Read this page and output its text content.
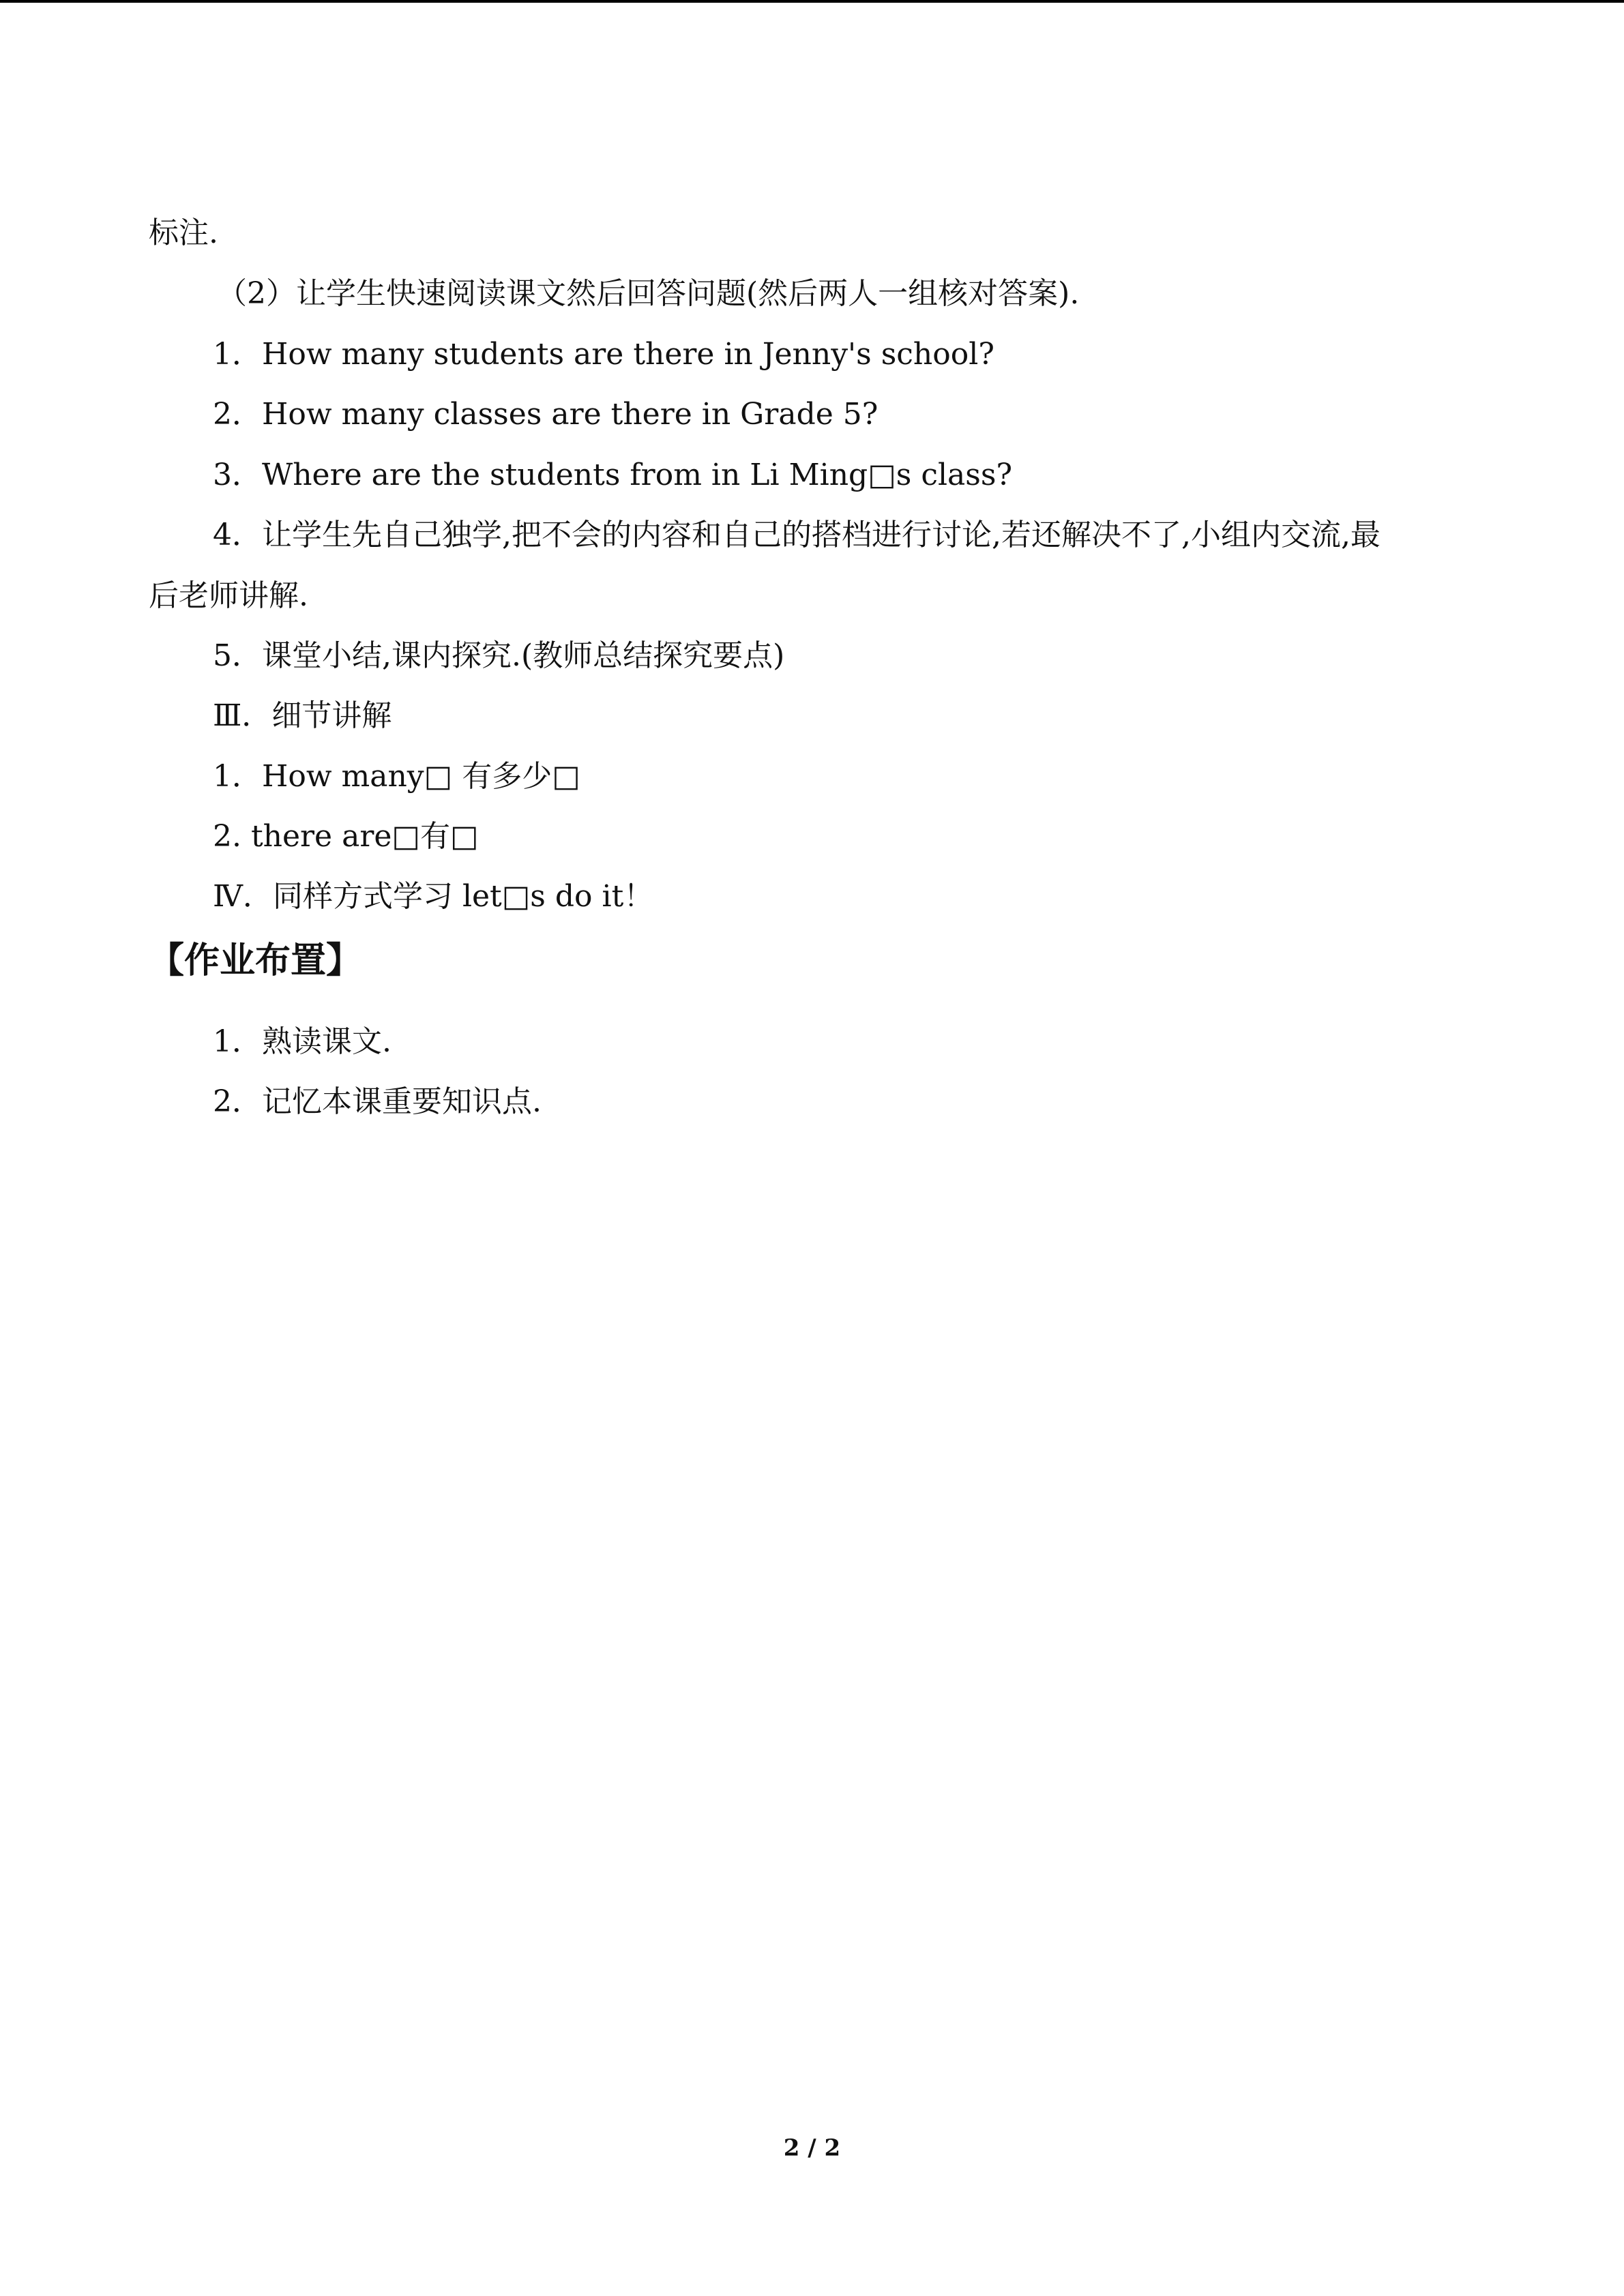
标注.
（2）让学生快速阅读课文然后回答问题(然后两人一组核对答案).
1．How many students are there in Jenny's school?
2．How many classes are there in Grade 5?
3．Where are the students from in Li Ming□s class?
4．让学生先自己独学,把不会的内容和自己的搭档进行讨论,若还解决不了,小组内交流,最
后老师讲解.
5．课堂小结,课内探究.(教师总结探究要点)
Ⅲ．细节讲解
1．How many□ 有多少□
2. there are□有□
Ⅳ．同样方式学习 let□s do it！
【作业布置】
1．熟读课文.
2．记忆本课重要知识点.
2 / 2
